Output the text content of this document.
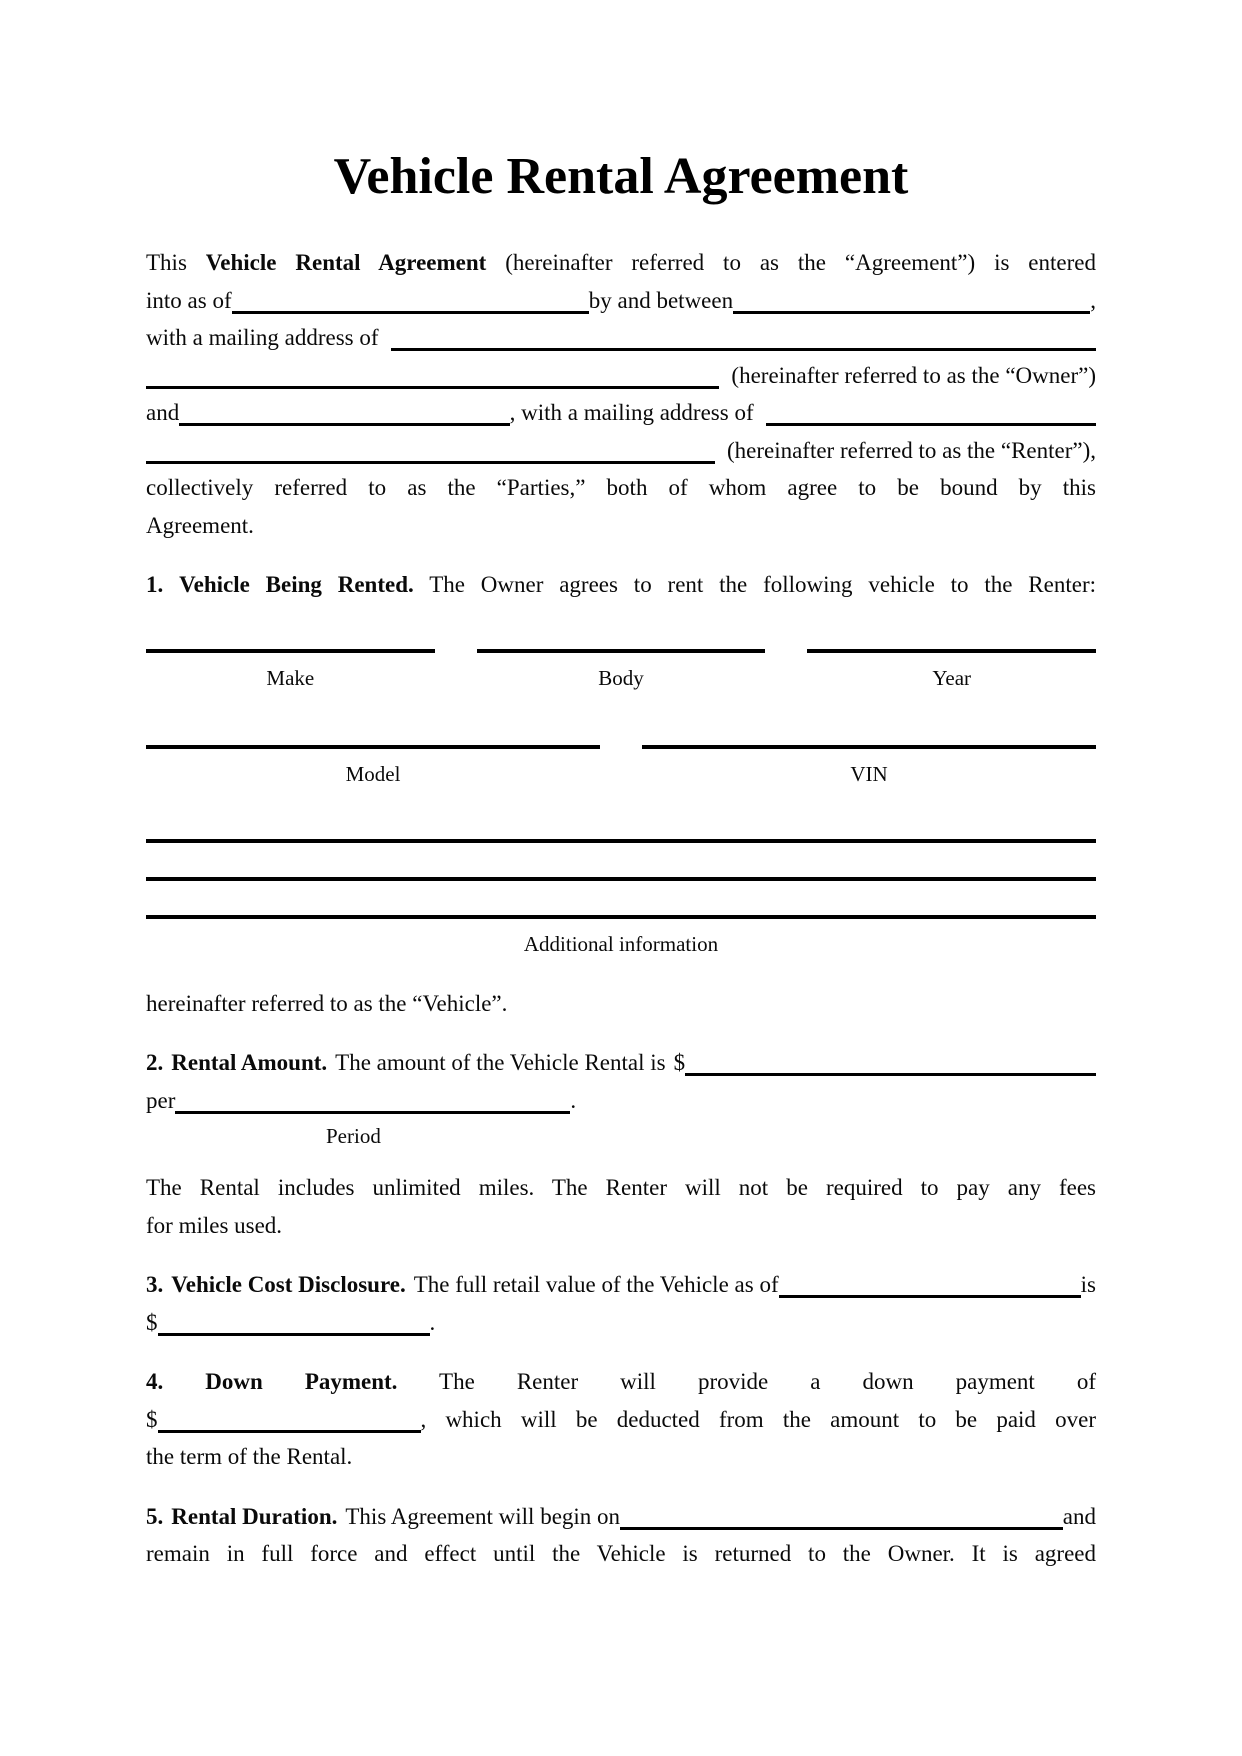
Vehicle Rental Agreement

This Vehicle Rental Agreement (hereinafter referred to as the “Agreement”) is entered

into as of	by and between	,
with a mailing address of
(hereinafter referred to as the “Owner”)
and	, with a mailing address of
(hereinafter referred to as the “Renter”),

collectively referred to as the “Parties,” both of whom agree to be bound by this

Agreement.

1. Vehicle Being Rented. The Owner agrees to rent the following vehicle to the Renter:

Make	Body	Year
Model	VIN
Additional information

hereinafter referred to as the “Vehicle”.

2. Rental Amount. The amount of the Vehicle Rental is $

per	.

Period

The Rental includes unlimited miles. The Renter will not be required to pay any fees

for miles used.

3. Vehicle Cost Disclosure. The full retail value of the Vehicle as of	is

$	.

4. Down Payment. The Renter will provide a down payment of

$	, which will be deducted from the amount to be paid over

the term of the Rental.

5. Rental Duration. This Agreement will begin on	and

remain in full force and effect until the Vehicle is returned to the Owner. It is agreed
